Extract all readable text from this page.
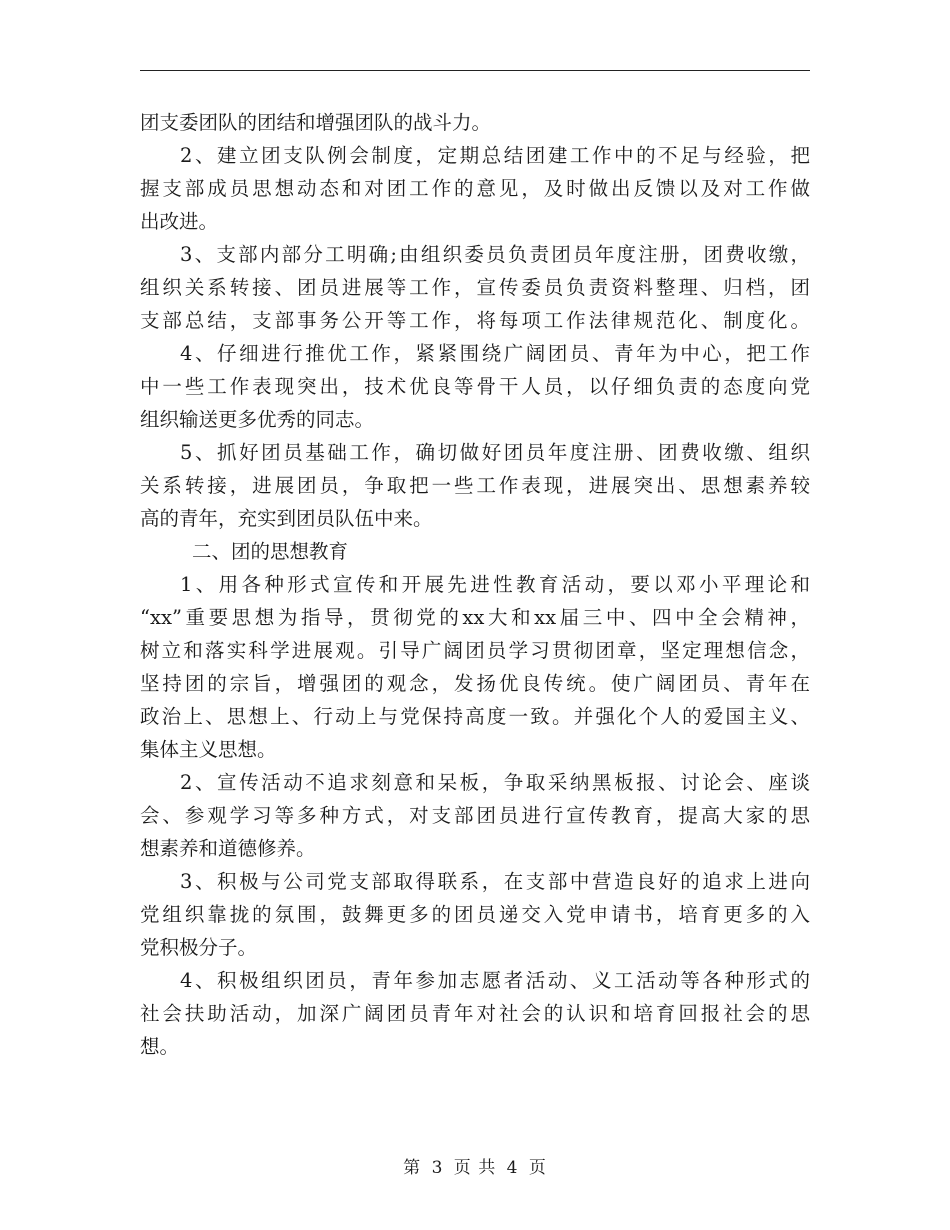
团支委团队的团结和增强团队的战斗力。
2、建立团支队例会制度，定期总结团建工作中的不足与经验，把
握支部成员思想动态和对团工作的意见，及时做出反馈以及对工作做
出改进。
3、支部内部分工明确;由组织委员负责团员年度注册，团费收缴，
组织关系转接、团员进展等工作，宣传委员负责资料整理、归档，团
支部总结，支部事务公开等工作，将每项工作法律规范化、制度化。
4、仔细进行推优工作，紧紧围绕广阔团员、青年为中心，把工作
中一些工作表现突出，技术优良等骨干人员，以仔细负责的态度向党
组织输送更多优秀的同志。
5、抓好团员基础工作，确切做好团员年度注册、团费收缴、组织
关系转接，进展团员，争取把一些工作表现，进展突出、思想素养较
高的青年，充实到团员队伍中来。
二、团的思想教育
1、用各种形式宣传和开展先进性教育活动，要以邓小平理论和
“xx”重要思想为指导，贯彻党的xx大和xx届三中、四中全会精神，
树立和落实科学进展观。引导广阔团员学习贯彻团章，坚定理想信念，
坚持团的宗旨，增强团的观念，发扬优良传统。使广阔团员、青年在
政治上、思想上、行动上与党保持高度一致。并强化个人的爱国主义、
集体主义思想。
2、宣传活动不追求刻意和呆板，争取采纳黑板报、讨论会、座谈
会、参观学习等多种方式，对支部团员进行宣传教育，提高大家的思
想素养和道德修养。
3、积极与公司党支部取得联系，在支部中营造良好的追求上进向
党组织靠拢的氛围，鼓舞更多的团员递交入党申请书，培育更多的入
党积极分子。
4、积极组织团员，青年参加志愿者活动、义工活动等各种形式的
社会扶助活动，加深广阔团员青年对社会的认识和培育回报社会的思
想。
第 3 页 共 4 页
